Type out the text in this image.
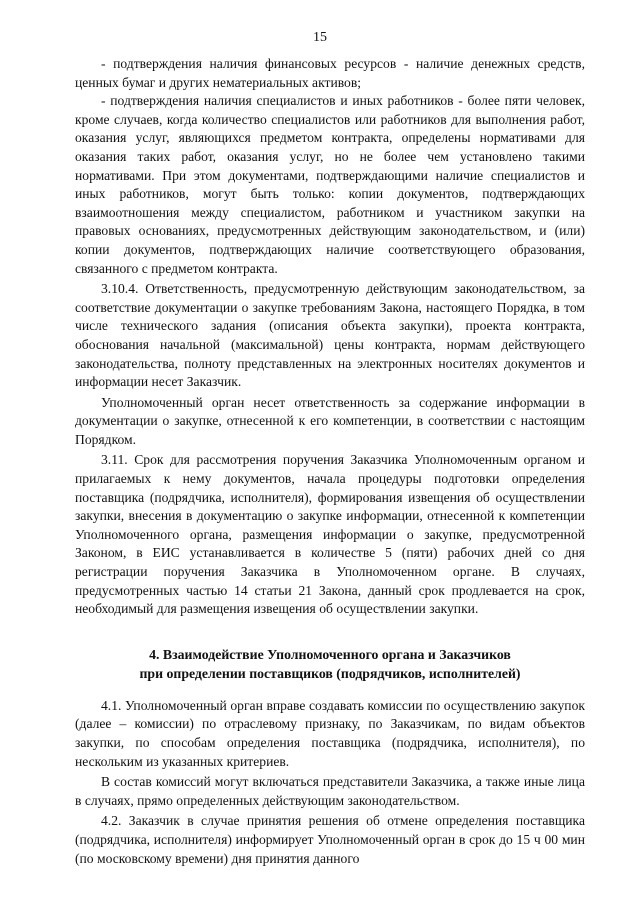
15

- подтверждения наличия финансовых ресурсов - наличие денежных средств, ценных бумаг и других нематериальных активов;

- подтверждения наличия специалистов и иных работников - более пяти человек, кроме случаев, когда количество специалистов или работников для выполнения работ, оказания услуг, являющихся предметом контракта, определены нормативами для оказания таких работ, оказания услуг, но не более чем установлено такими нормативами. При этом документами, подтверждающими наличие специалистов и иных работников, могут быть только: копии документов, подтверждающих взаимоотношения между специалистом, работником и участником закупки на правовых основаниях, предусмотренных действующим законодательством, и (или) копии документов, подтверждающих наличие соответствующего образования, связанного с предметом контракта.

3.10.4. Ответственность, предусмотренную действующим законодательством, за соответствие документации о закупке требованиям Закона, настоящего Порядка, в том числе технического задания (описания объекта закупки), проекта контракта, обоснования начальной (максимальной) цены контракта, нормам действующего законодательства, полноту представленных на электронных носителях документов и информации несет Заказчик.

Уполномоченный орган несет ответственность за содержание информации в документации о закупке, отнесенной к его компетенции, в соответствии с настоящим Порядком.

3.11. Срок для рассмотрения поручения Заказчика Уполномоченным органом и прилагаемых к нему документов, начала процедуры подготовки определения поставщика (подрядчика, исполнителя), формирования извещения об осуществлении закупки, внесения в документацию о закупке информации, отнесенной к компетенции Уполномоченного органа, размещения информации о закупке, предусмотренной Законом, в ЕИС устанавливается в количестве 5 (пяти) рабочих дней со дня регистрации поручения Заказчика в Уполномоченном органе. В случаях, предусмотренных частью 14 статьи 21 Закона, данный срок продлевается на срок, необходимый для размещения извещения об осуществлении закупки.

4. Взаимодействие Уполномоченного органа и Заказчиков
при определении поставщиков (подрядчиков, исполнителей)

4.1. Уполномоченный орган вправе создавать комиссии по осуществлению закупок (далее – комиссии) по отраслевому признаку, по Заказчикам, по видам объектов закупки, по способам определения поставщика (подрядчика, исполнителя), по нескольким из указанных критериев.

В состав комиссий могут включаться представители Заказчика, а также иные лица в случаях, прямо определенных действующим законодательством.

4.2. Заказчик в случае принятия решения об отмене определения поставщика (подрядчика, исполнителя) информирует Уполномоченный орган в срок до 15 ч 00 мин (по московскому времени) дня принятия данного
